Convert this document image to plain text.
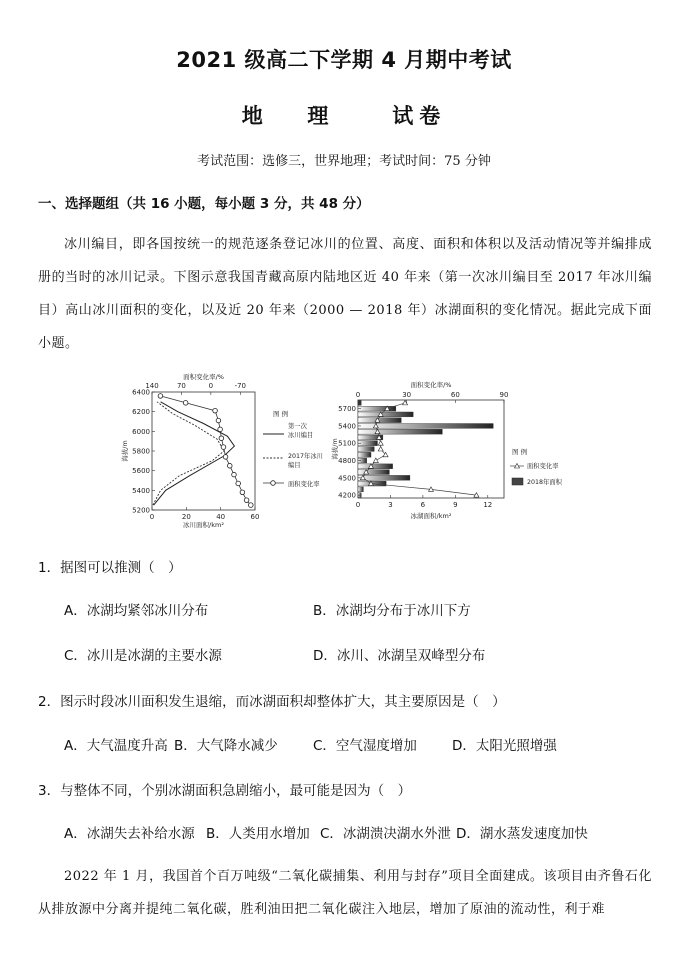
2021 级高二下学期 4 月期中考试
地  理   试卷
考试范围：选修三，世界地理；考试时间：75 分钟
一、选择题组（共 16 小题，每小题 3 分，共 48 分）
冰川编目，即各国按统一的规范逐条登记冰川的位置、高度、面积和体积以及活动情况等并编排成册的当时的冰川记录。下图示意我国青藏高原内陆地区近 40 年来（第一次冰川编目至 2017 年冰川编目）高山冰川面积的变化，以及近 20 年来（2000 — 2018 年）冰湖面积的变化情况。据此完成下面小题。
0	20	40	60
140	70	0	-70
5200
5400
5600
5800
6000
6200
6400
面积变化率/%
冰川面积/km²
海拔/m
图 例
第一次
冰川编目
2017年冰川
编目
面积变化率
0	3	6	9	12
0	30	60	90
5700
5400
5100
4800
4500
4200
面积变化率/%
冰湖面积/km²
海拔/m	图 例
面积变化率
2018年面积
1．据图可以推测（　）
A．冰湖均紧邻冰川分布	B．冰湖均分布于冰川下方
C．冰川是冰湖的主要水源	D．冰川、冰湖呈双峰型分布
2．图示时段冰川面积发生退缩，而冰湖面积却整体扩大，其主要原因是（　）
A．大气温度升高 B．大气降水减少	C．空气湿度增加	D．太阳光照增强
3．与整体不同，个别冰湖面积急剧缩小，最可能是因为（　）
A．冰湖失去补给水源 B．人类用水增加 C．冰湖溃决湖水外泄 D．湖水蒸发速度加快
2022 年 1 月，我国首个百万吨级“二氧化碳捕集、利用与封存”项目全面建成。该项目由齐鲁石化从排放源中分离并提纯二氧化碳，胜利油田把二氧化碳注入地层，增加了原油的流动性，利于难
